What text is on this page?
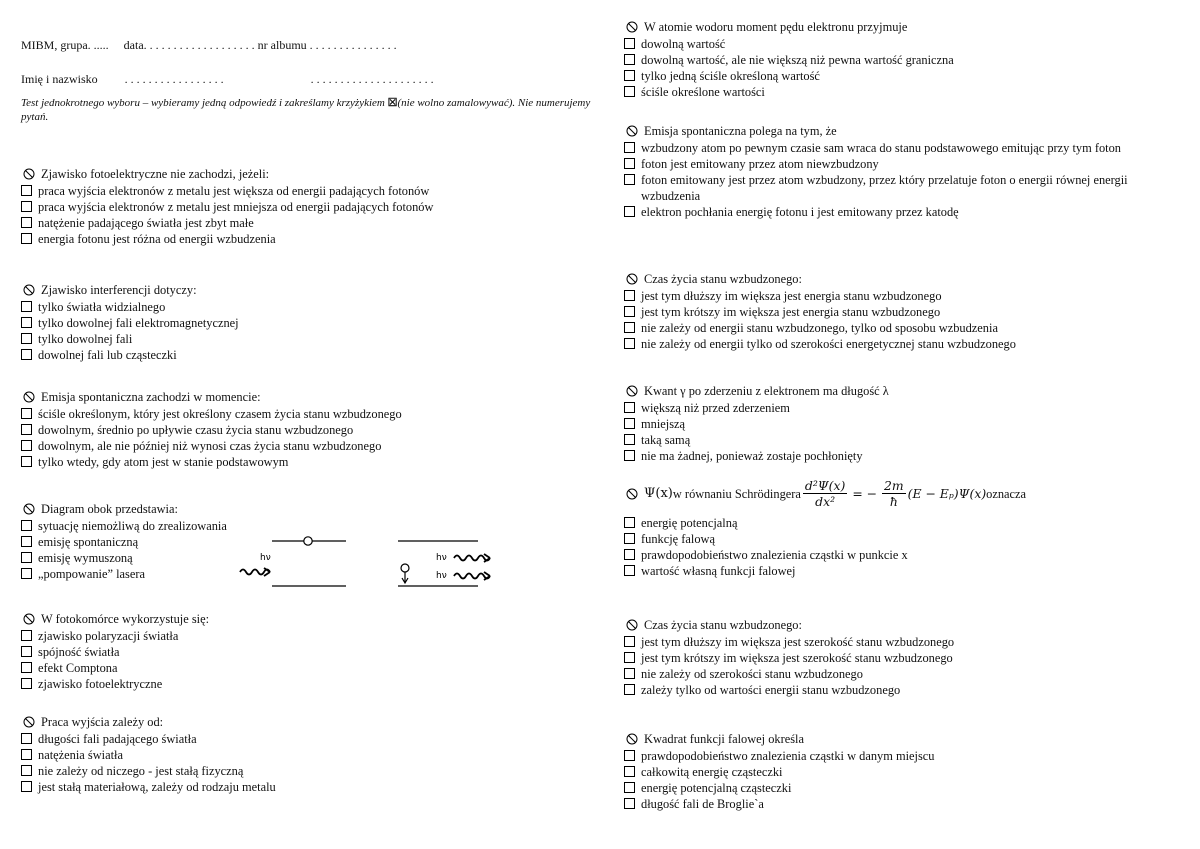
MIBM, grupa. ..... data. . . . . . . . . . . . . . . . . . . nr albumu . . . . . . . . . . . . . . .
Imię i nazwisko . . . . . . . . . . . . . . . . .	. . . . . . . . . . . . . . . . . . . . .
Test jednokrotnego wyboru – wybieramy jedną odpowiedź i zakreślamy krzyżykiem ☒(nie wolno zamalowywać). Nie numerujemy pytań.
Zjawisko fotoelektryczne nie zachodzi, jeżeli:
praca wyjścia elektronów z metalu jest większa od energii padających fotonów
praca wyjścia elektronów z metalu jest mniejsza od energii padających fotonów
natężenie padającego światła jest zbyt małe
energia fotonu jest różna od energii wzbudzenia
Zjawisko interferencji dotyczy:
tylko światła widzialnego
tylko dowolnej fali elektromagnetycznej
tylko dowolnej fali
dowolnej fali lub cząsteczki
Emisja spontaniczna zachodzi w momencie:
ściśle określonym, który jest określony czasem życia stanu wzbudzonego
dowolnym, średnio po upływie czasu życia stanu wzbudzonego
dowolnym, ale nie później niż wynosi czas życia stanu wzbudzonego
tylko wtedy, gdy atom jest w stanie podstawowym
Diagram obok przedstawia:
sytuację niemożliwą do zrealizowania
emisję spontaniczną
emisję wymuszoną
„pompowanie” lasera
W fotokomórce wykorzystuje się:
zjawisko polaryzacji światła
spójność światła
efekt Comptona
zjawisko fotoelektryczne
Praca wyjścia zależy od:
długości fali padającego światła
natężenia światła
nie zależy od niczego - jest stałą fizyczną
jest stałą materiałową, zależy od rodzaju metalu
W atomie wodoru moment pędu elektronu przyjmuje
dowolną wartość
dowolną wartość, ale nie większą niż pewna wartość graniczna
tylko jedną ściśle określoną wartość
ściśle określone wartości
Emisja spontaniczna polega na tym, że
wzbudzony atom po pewnym czasie sam wraca do stanu podstawowego emitując przy tym foton
foton jest emitowany przez atom niewzbudzony
foton emitowany jest przez atom wzbudzony, przez który przelatuje foton o energii równej energii wzbudzenia
elektron pochłania energię fotonu i jest emitowany przez katodę
Czas życia stanu wzbudzonego:
jest tym dłuższy im większa jest energia stanu wzbudzonego
jest tym krótszy im większa jest energia stanu wzbudzonego
nie zależy od energii stanu wzbudzonego, tylko od sposobu wzbudzenia
nie zależy od energii tylko od szerokości energetycznej stanu wzbudzonego
Kwant γ po zderzeniu z elektronem ma długość λ
większą niż przed zderzeniem
mniejszą
taką samą
nie ma żadnej, ponieważ zostaje pochłonięty
Ψ(x) w równaniu Schrödingera $\frac{\text{d²Ψ(x)}}{\text{dx²}}$ = − $\frac{2m}{ħ} (E - E_p)\Psi(x)$ oznacza
energię potencjalną
funkcję falową
prawdopodobieństwo znalezienia cząstki w punkcie x
wartość własną funkcji falowej
Czas życia stanu wzbudzonego:
jest tym dłuższy im większa jest szerokość stanu wzbudzonego
jest tym krótszy im większa jest szerokość stanu wzbudzonego
nie zależy od szerokości stanu wzbudzonego
zależy tylko od wartości energii stanu wzbudzonego
Kwadrat funkcji falowej określa
prawdopodobieństwo znalezienia cząstki w danym miejscu
całkowitą energię cząsteczki
energię potencjalną cząsteczki
długość fali de Broglie`a
hν	hν
hν
